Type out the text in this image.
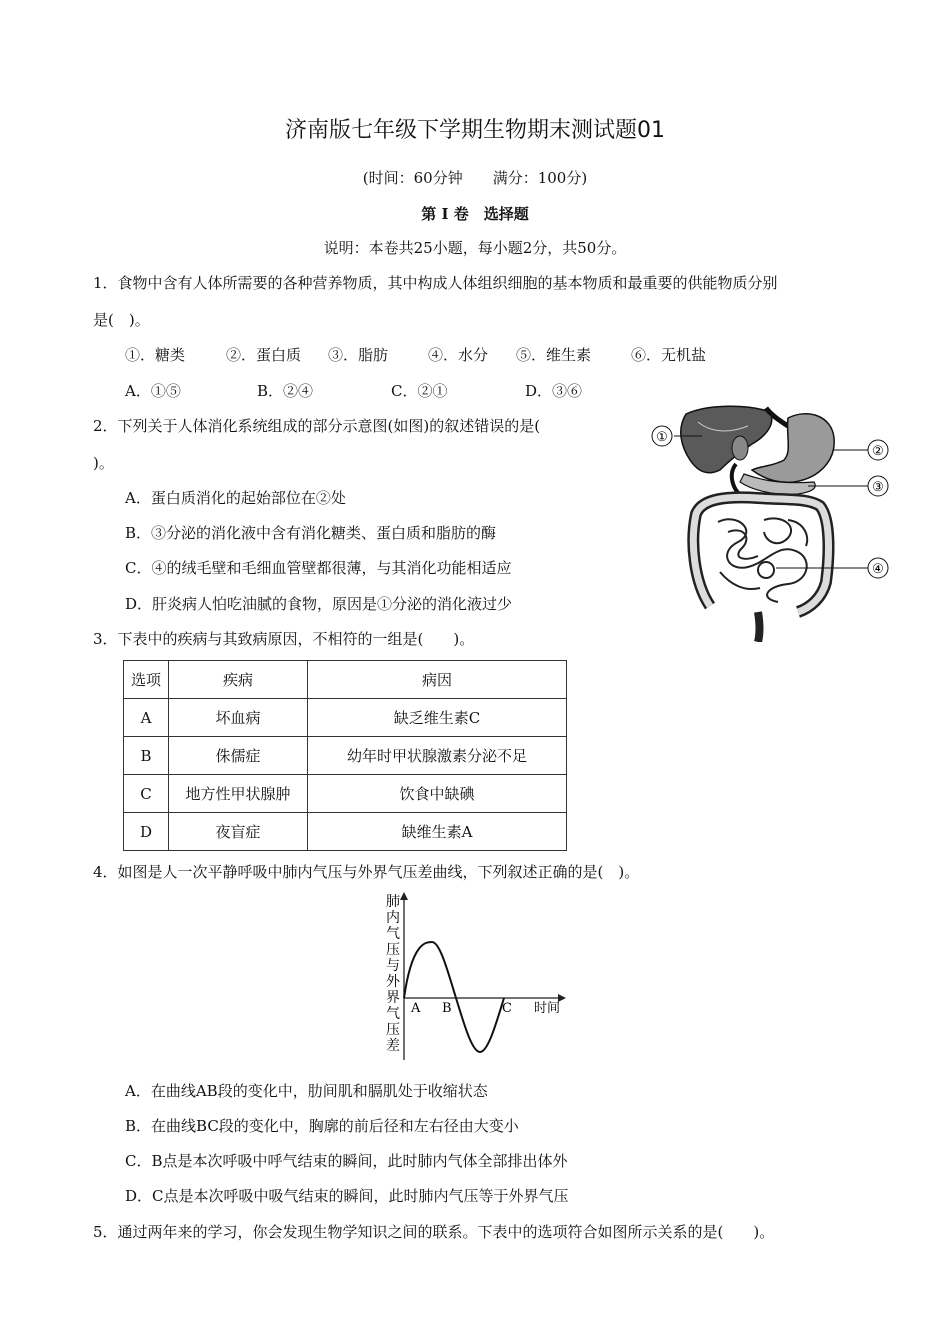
济南版七年级下学期生物期末测试题01
(时间：60分钟　　满分：100分)
第 Ⅰ 卷　选择题
说明：本卷共25小题，每小题2分，共50分。
1．食物中含有人体所需要的各种营养物质，其中构成人体组织细胞的基本物质和最重要的供能物质分别
是(　)。
①．糖类	②．蛋白质 ③．脂肪	④．水分 ⑤．维生素	⑥．无机盐
A．①⑤	B．②④	C．②①	D．③⑥
2．下列关于人体消化系统组成的部分示意图(如图)的叙述错误的是(
)。
A．蛋白质消化的起始部位在②处
B．③分泌的消化液中含有消化糖类、蛋白质和脂肪的酶
C．④的绒毛壁和毛细血管壁都很薄，与其消化功能相适应
D．肝炎病人怕吃油腻的食物，原因是①分泌的消化液过少
①
②
③
④
3．下表中的疾病与其致病原因，不相符的一组是(　　)。
选项	疾病	病因
A	坏血病	缺乏维生素C
B	侏儒症	幼年时甲状腺激素分泌不足
C	地方性甲状腺肿	饮食中缺碘
D	夜盲症	缺维生素A
4．如图是人一次平静呼吸中肺内气压与外界气压差曲线，下列叙述正确的是(　)。
肺
内
气
压
与
外
界
气
压
差
A B	C 时间
A．在曲线AB段的变化中，肋间肌和膈肌处于收缩状态
B．在曲线BC段的变化中，胸廓的前后径和左右径由大变小
C．B点是本次呼吸中呼气结束的瞬间，此时肺内气体全部排出体外
D．C点是本次呼吸中吸气结束的瞬间，此时肺内气压等于外界气压
5．通过两年来的学习，你会发现生物学知识之间的联系。下表中的选项符合如图所示关系的是(　　)。
